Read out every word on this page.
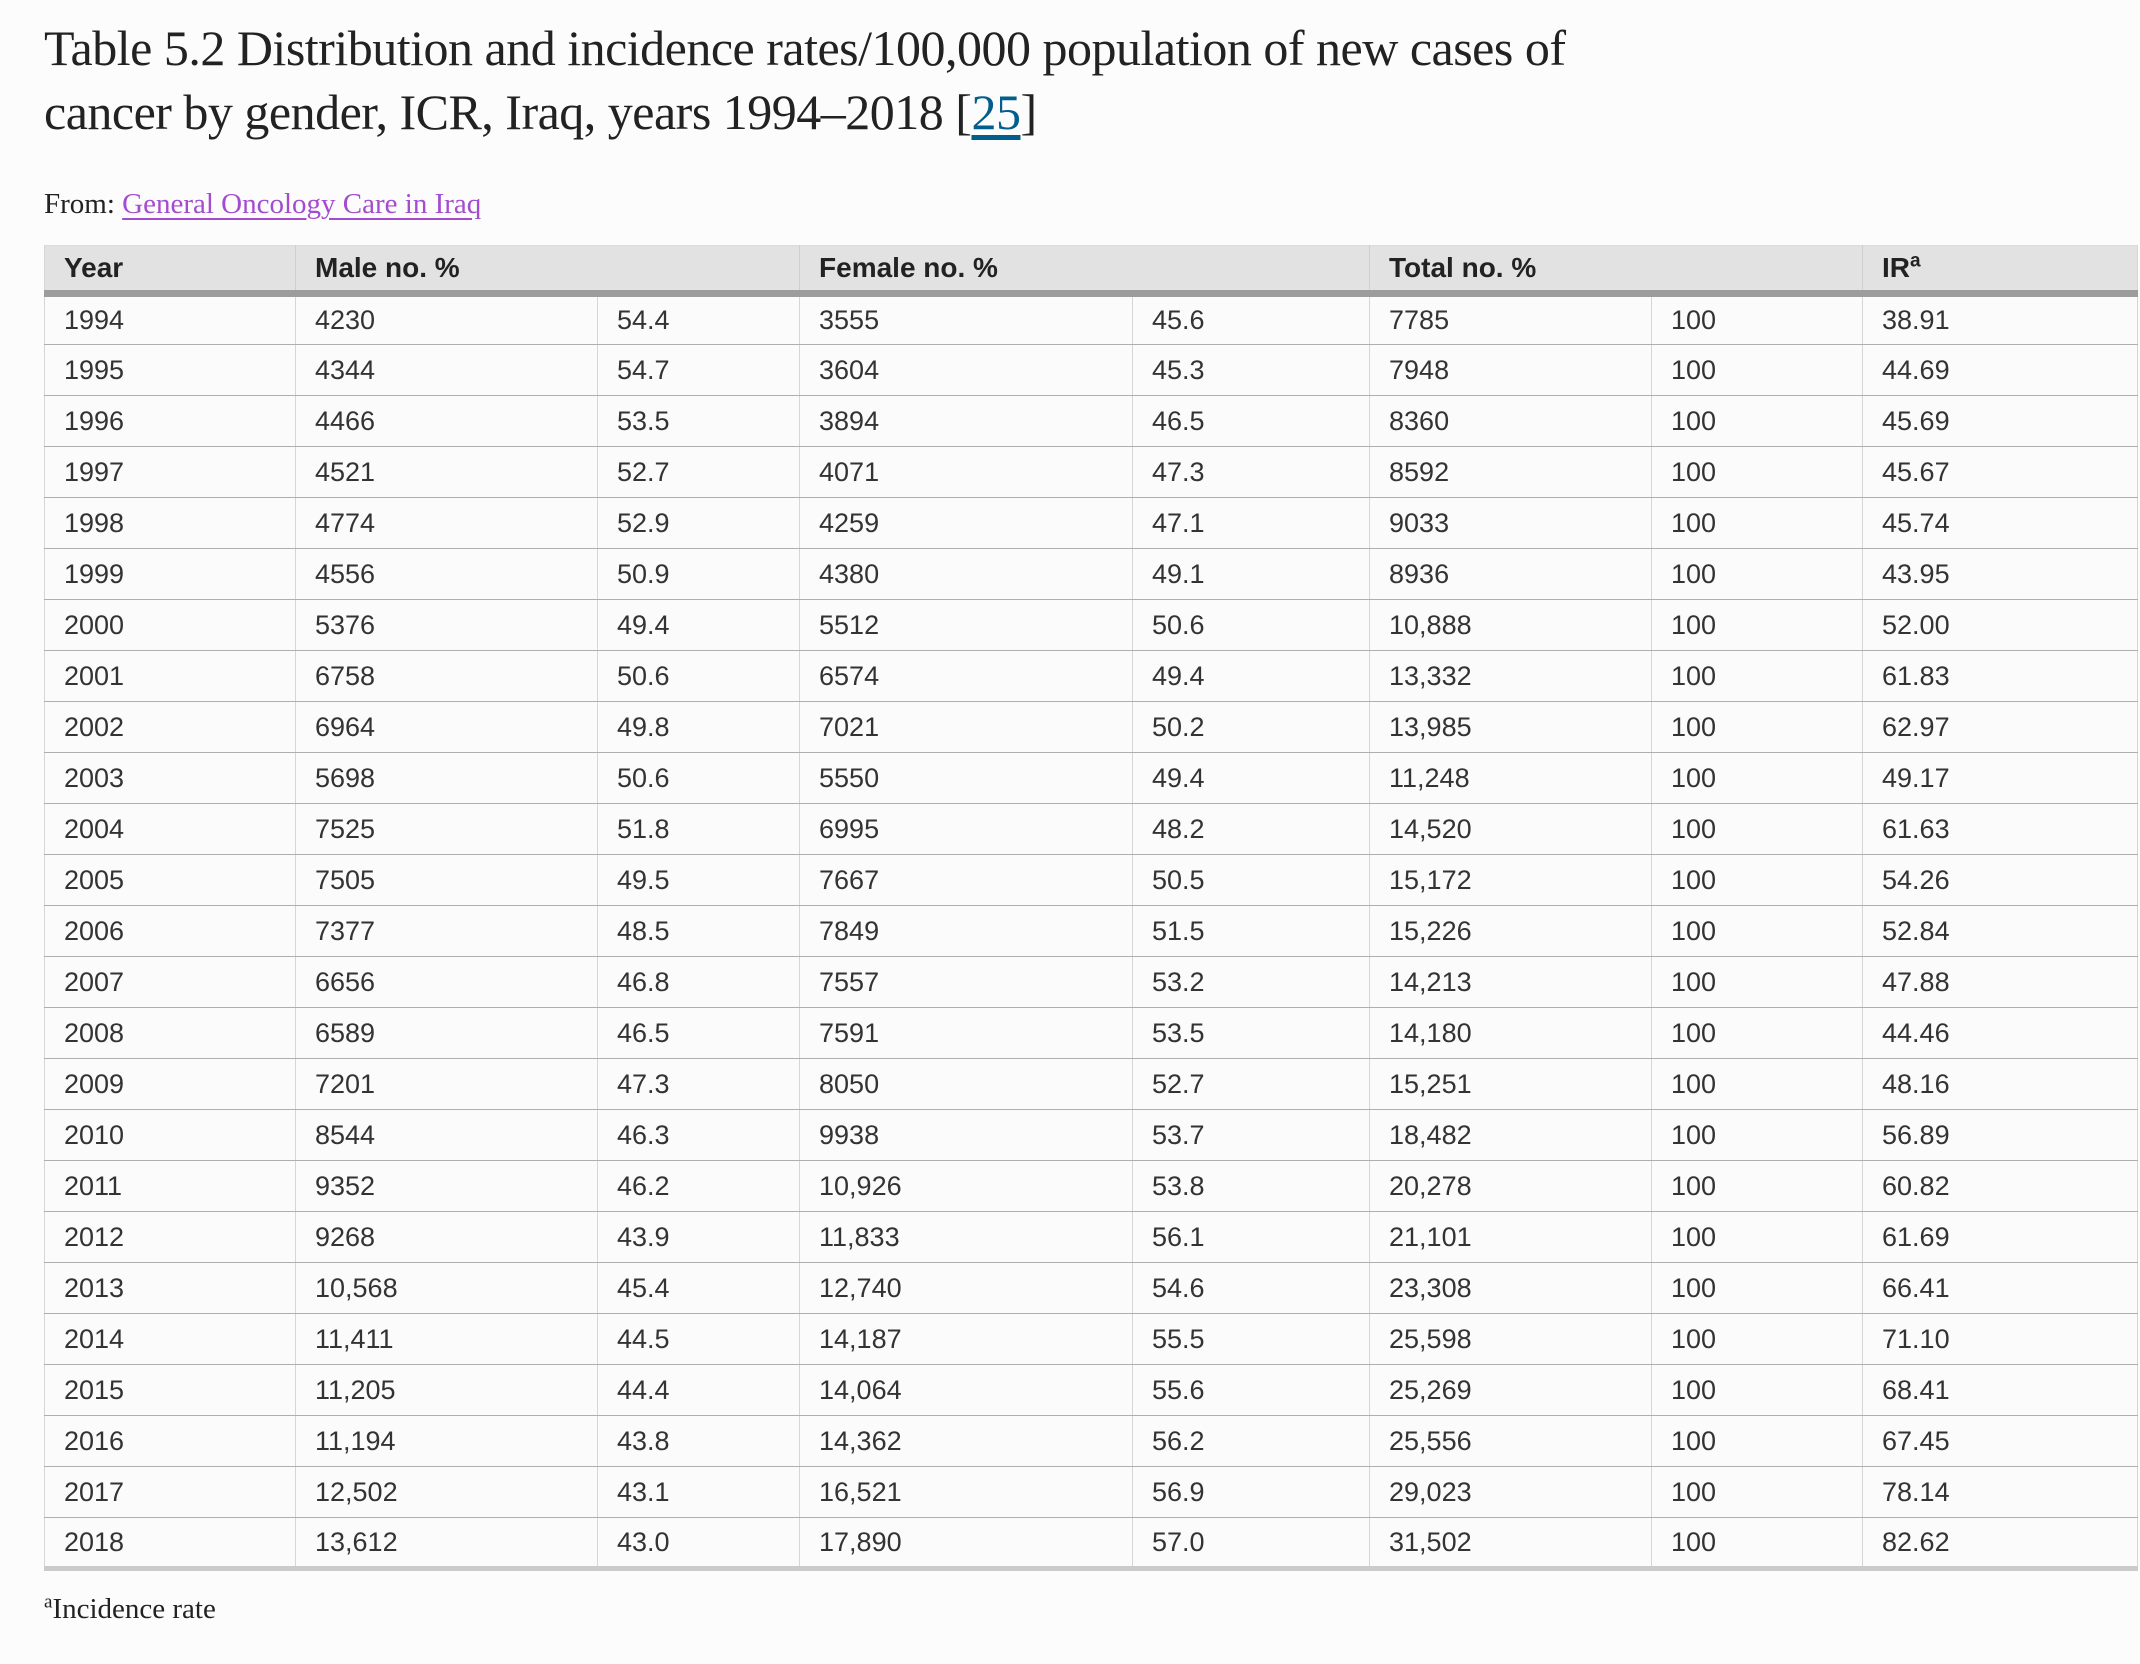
Table 5.2 Distribution and incidence rates/100,000 population of new cases of
cancer by gender, ICR, Iraq, years 1994–2018 [25]

From: General Oncology Care in Iraq

Year	Male no. %		Female no. %		Total no. %		$IR^a$
1994	4230	54.4	3555	45.6	7785	100	38.91
1995	4344	54.7	3604	45.3	7948	100	44.69
1996	4466	53.5	3894	46.5	8360	100	45.69
1997	4521	52.7	4071	47.3	8592	100	45.67
1998	4774	52.9	4259	47.1	9033	100	45.74
1999	4556	50.9	4380	49.1	8936	100	43.95
2000	5376	49.4	5512	50.6	10,888	100	52.00
2001	6758	50.6	6574	49.4	13,332	100	61.83
2002	6964	49.8	7021	50.2	13,985	100	62.97
2003	5698	50.6	5550	49.4	11,248	100	49.17
2004	7525	51.8	6995	48.2	14,520	100	61.63
2005	7505	49.5	7667	50.5	15,172	100	54.26
2006	7377	48.5	7849	51.5	15,226	100	52.84
2007	6656	46.8	7557	53.2	14,213	100	47.88
2008	6589	46.5	7591	53.5	14,180	100	44.46
2009	7201	47.3	8050	52.7	15,251	100	48.16
2010	8544	46.3	9938	53.7	18,482	100	56.89
2011	9352	46.2	10,926	53.8	20,278	100	60.82
2012	9268	43.9	11,833	56.1	21,101	100	61.69
2013	10,568	45.4	12,740	54.6	23,308	100	66.41
2014	11,411	44.5	14,187	55.5	25,598	100	71.10
2015	11,205	44.4	14,064	55.6	25,269	100	68.41
2016	11,194	43.8	14,362	56.2	25,556	100	67.45
2017	12,502	43.1	16,521	56.9	29,023	100	78.14
2018	13,612	43.0	17,890	57.0	31,502	100	82.62

$^a$Incidence rate
